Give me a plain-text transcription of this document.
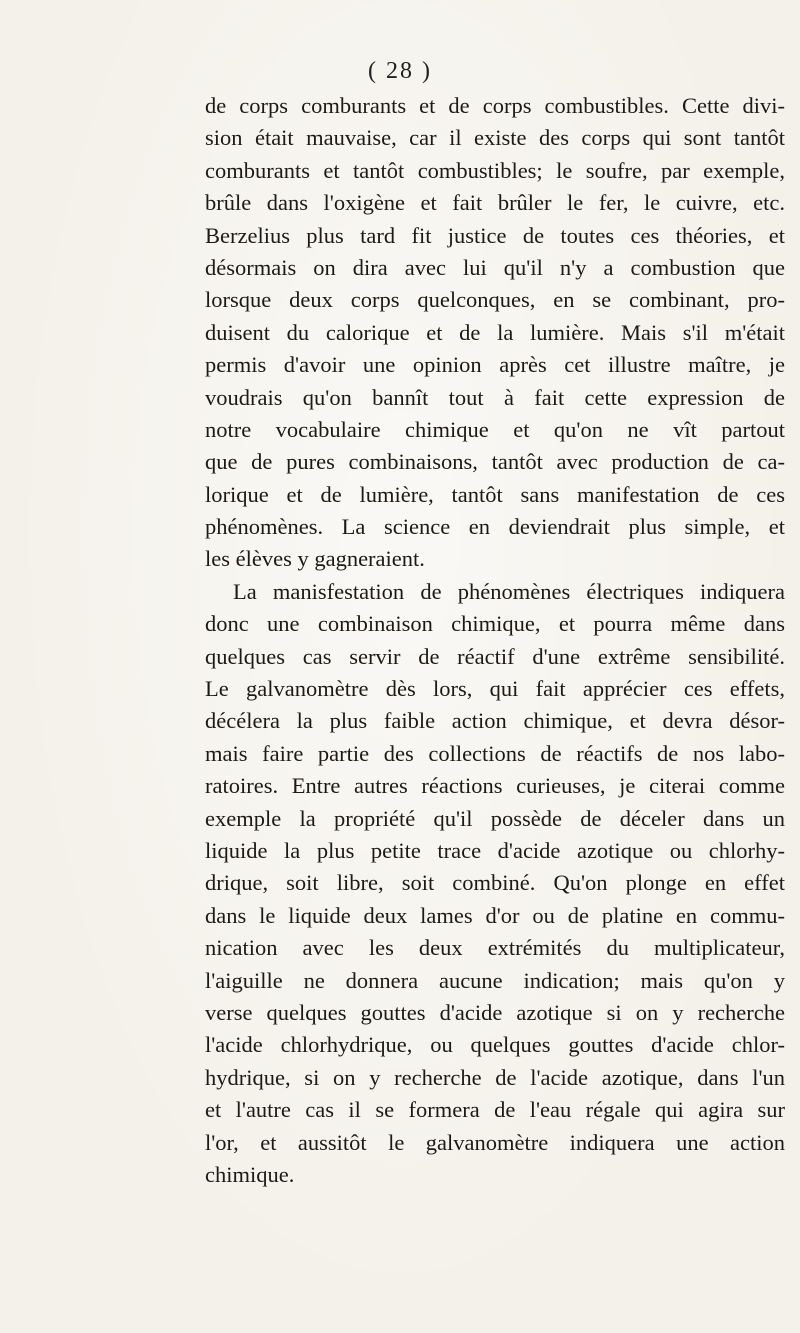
( 28 )
de corps comburants et de corps combustibles. Cette divi-
sion était mauvaise, car il existe des corps qui sont tantôt
comburants et tantôt combustibles; le soufre, par exemple,
brûle dans l'oxigène et fait brûler le fer, le cuivre, etc.
Berzelius plus tard fit justice de toutes ces théories, et
désormais on dira avec lui qu'il n'y a combustion que
lorsque deux corps quelconques, en se combinant, pro-
duisent du calorique et de la lumière. Mais s'il m'était
permis d'avoir une opinion après cet illustre maître, je
voudrais qu'on bannît tout à fait cette expression de
notre vocabulaire chimique et qu'on ne vît partout
que de pures combinaisons, tantôt avec production de ca-
lorique et de lumière, tantôt sans manifestation de ces
phénomènes. La science en deviendrait plus simple, et
les élèves y gagneraient.
La manisfestation de phénomènes électriques indiquera
donc une combinaison chimique, et pourra même dans
quelques cas servir de réactif d'une extrême sensibilité.
Le galvanomètre dès lors, qui fait apprécier ces effets,
décélera la plus faible action chimique, et devra désor-
mais faire partie des collections de réactifs de nos labo-
ratoires. Entre autres réactions curieuses, je citerai comme
exemple la propriété qu'il possède de déceler dans un
liquide la plus petite trace d'acide azotique ou chlorhy-
drique, soit libre, soit combiné. Qu'on plonge en effet
dans le liquide deux lames d'or ou de platine en commu-
nication avec les deux extrémités du multiplicateur,
l'aiguille ne donnera aucune indication; mais qu'on y
verse quelques gouttes d'acide azotique si on y recherche
l'acide chlorhydrique, ou quelques gouttes d'acide chlor-
hydrique, si on y recherche de l'acide azotique, dans l'un
et l'autre cas il se formera de l'eau régale qui agira sur
l'or, et aussitôt le galvanomètre indiquera une action
chimique.
